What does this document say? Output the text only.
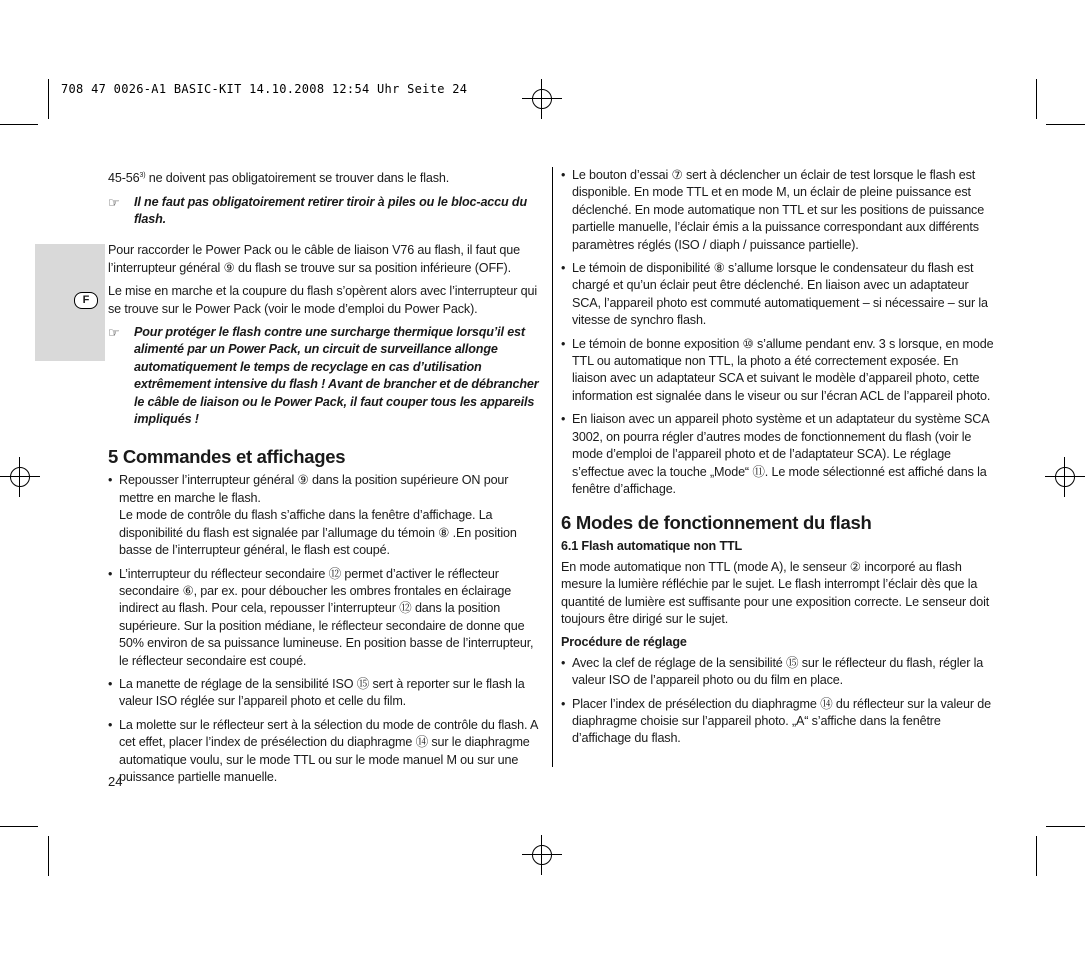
708 47 0026-A1 BASIC-KIT 14.10.2008 12:54 Uhr Seite 24
F

45-56$^{3)}$ ne doivent pas obligatoirement se trouver dans le flash.

☞ Il ne faut pas obligatoirement retirer tiroir à piles ou le bloc-accu du flash.

Pour raccorder le Power Pack ou le câble de liaison V76 au flash, il faut que l’interrupteur général ⑨ du flash se trouve sur sa position inférieure (OFF).

Le mise en marche et la coupure du flash s’opèrent alors avec l’interrupteur qui se trouve sur le Power Pack (voir le mode d’emploi du Power Pack).

☞ Pour protéger le flash contre une surcharge thermique lorsqu’il est alimenté par un Power Pack, un circuit de surveillance allonge automatiquement le temps de recyclage en cas d’utilisation extrêmement intensive du flash ! Avant de brancher et de débrancher le câble de liaison ou le Power Pack, il faut couper tous les appareils impliqués !
5 Commandes et affichages
• Repousser l’interrupteur général ⑨ dans la position supérieure ON pour mettre en marche le flash.
Le mode de contrôle du flash s’affiche dans la fenêtre d’affichage. La disponibilité du flash est signalée par l’allumage du témoin ⑧ .En position basse de l’interrupteur général, le flash est coupé.
• L’interrupteur du réflecteur secondaire ⑫ permet d’activer le réflecteur secondaire ⑥, par ex. pour déboucher les ombres frontales en éclairage indirect au flash. Pour cela, repousser l’interrupteur ⑫ dans la position supérieure. Sur la position médiane, le réflecteur secondaire de donne que 50% environ de sa puissance lumineuse. En position basse de l’interrupteur, le réflecteur secondaire est coupé.
• La manette de réglage de la sensibilité ISO ⑮ sert à reporter sur le flash la valeur ISO réglée sur l’appareil photo et celle du film.
• La molette sur le réflecteur sert à la sélection du mode de contrôle du flash. A cet effet, placer l’index de présélection du diaphragme ⑭ sur le diaphragme automatique voulu, sur le mode TTL ou sur le mode manuel M ou sur une puissance partielle manuelle.
• Le bouton d’essai ⑦ sert à déclencher un éclair de test lorsque le flash est disponible. En mode TTL et en mode M, un éclair de pleine puissance est déclenché. En mode automatique non TTL et sur les positions de puissance partielle manuelle, l’éclair émis a la puissance correspondant aux différents paramètres réglés (ISO / diaph / puissance partielle).
• Le témoin de disponibilité ⑧ s’allume lorsque le condensateur du flash est chargé et qu’un éclair peut être déclenché. En liaison avec un adaptateur SCA, l’appareil photo est commuté automatiquement – si nécessaire – sur la vitesse de synchro flash.
• Le témoin de bonne exposition ⑩ s’allume pendant env. 3 s lorsque, en mode TTL ou automatique non TTL, la photo a été correctement exposée. En liaison avec un adaptateur SCA et suivant le modèle d’appareil photo, cette information est signalée dans le viseur ou sur l’écran ACL de l’appareil photo.
• En liaison avec un appareil photo système et un adaptateur du système SCA 3002, on pourra régler d’autres modes de fonctionnement du flash (voir le mode d’emploi de l’appareil photo et de l’adaptateur SCA). Le réglage s’effectue avec la touche „Mode“ ⑪. Le mode sélectionné est affiché dans la fenêtre d’affichage.
6 Modes de fonctionnement du flash
6.1 Flash automatique non TTL

En mode automatique non TTL (mode A), le senseur ② incorporé au flash mesure la lumière réfléchie par le sujet. Le flash interrompt l’éclair dès que la quantité de lumière est suffisante pour une exposition correcte. Le senseur doit toujours être dirigé sur le sujet.

Procédure de réglage
• Avec la clef de réglage de la sensibilité ⑮ sur le réflecteur du flash, régler la valeur ISO de l’appareil photo ou du film en place.
• Placer l’index de présélection du diaphragme ⑭ du réflecteur sur la valeur de diaphragme choisie sur l’appareil photo. „A“ s’affiche dans la fenêtre d’affichage du flash.
24
